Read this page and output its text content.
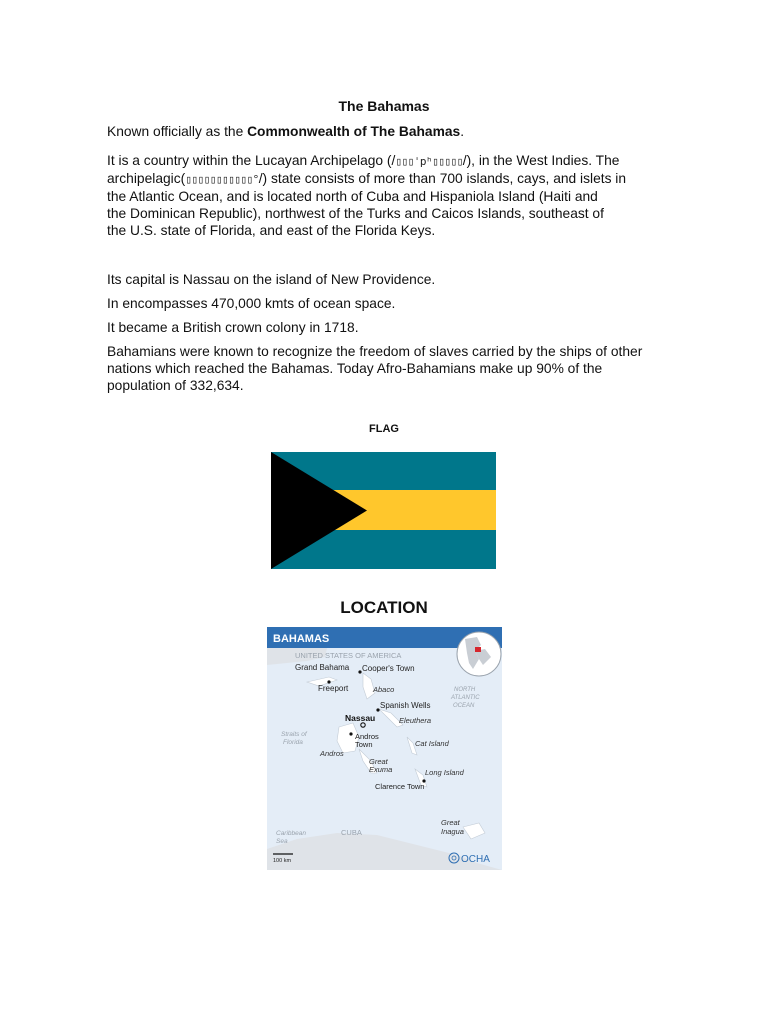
The Bahamas

Known officially as the Commonwealth of The Bahamas.

It is a country within the Lucayan Archipelago (/▯▯▯ˈpʰ▯▯▯▯▯/), in the West Indies. The
archipelagic(▯▯▯▯▯▯▯▯▯▯▯°/) state consists of more than 700 islands, cays, and islets in
the Atlantic Ocean, and is located north of Cuba and Hispaniola Island (Haiti and
the Dominican Republic), northwest of the Turks and Caicos Islands, southeast of
the U.S. state of Florida, and east of the Florida Keys.

Its capital is Nassau on the island of New Providence.

In encompasses 470,000 kmts of ocean space.

It became a British crown colony in 1718.

Bahamians were known to recognize the freedom of slaves carried by the ships of other
nations which reached the Bahamas. Today Afro-Bahamians make up 90% of the
population of 332,634.
FLAG
LOCATION
BAHAMAS
UNITED STATES OF AMERICA
CUBA
Grand Bahama Cooper's Town
Freeport	Abaco	NORTH
ATLANTIC
OCEAN
Spanish Wells
Nassau	Eleuthera
Straits of
Florida
Andros
Town
Andros
Cat Island
Great
Exuma	Long Island
Clarence Town
Great
Inagua
Caribbean
Sea
100 km	OCHA
